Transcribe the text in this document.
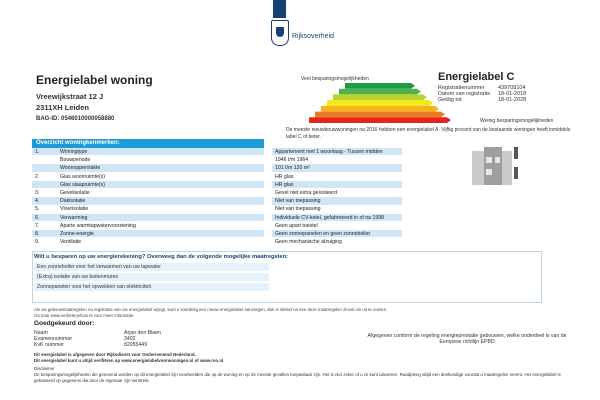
Rijksoverheid
Energielabel woning
Vreewijkstraat 12 J
2311XH Leiden
BAG-ID: 0546010000058880
Veel besparingsmogelijkheden	Energielabel C
Registratienummer 439709104
Datum van registratie 18-01-2018
Geldig tot	18-01-2028
Weinig besparingsmogelijkheden
De meeste nieuwbouwwoningen na 2016 hebben een energielabel A. Vijftig procent van de bestaande woningen heeft inmiddels label C of beter.
Overzicht woningkenmerken:
1.	Woningtype	Appartement met 1 woonlaag - Tussen midden
Bouwperiode	1946 t/m 1964
Woonoppervlakte	101 t/m 120 m²
2.	Glas woonruimte(s)	HR glas
Glas slaapruimte(s)	HR glas
3.	Gevelisolatie	Gevel niet extra geïsoleerd
4.	Dakisolatie	Niet van toepassing
5.	Vloerisolatie	Niet van toepassing
6.	Verwarming	Individuele CV-ketel, gefabriceerd in of na 1998
7.	Aparte warmtapwatervoorziening	Geen apart toestel
8.	Zonne-energie	Geen zonnepanelen en geen zonneboiler
9.	Ventilatie	Geen mechanische afzuiging
Wilt u besparen op uw energierekening? Overweeg dan de volgende mogelijke maatregelen:
Een zonneboiler voor het verwarmen van uw tapwater
(Extra) isolatie van uw buitenmuren
Zonnepanelen voor het opwekken van elektriciteit
Als uw gebouwmaatregelen na registratie van uw energielabel wijzigt, kunt u voordelig een nieuw energielabel aanvragen, dan is stelsel na een deze maatregelen zinvol om uit te voeren.
Ga naar www.verbeterjehuis.nl voor meer informatie.
Goedgekeurd door:
Naam	Arjan den Blaen
Examennummer	3402
KvK nummer	82055449
Afgegeven conform de regeling energieprestatie gebouwen, welke onderdeel is van de Europese richtlijn EPBD
Dit energielabel is afgegeven door Rijksdienst voor Ondernemend Nederland.
Dit energielabel kunt u altijd verifiëren op www.energielabelvoorwoningen.nl of www.rvo.nl
Disclaimer
De besparingsmogelijkheden die genoemd worden op dit energielabel zijn voorbeelden die op de woning en op de meeste gevallen toepasbaar zijn. Het is niet zeker of u ze kunt uitvoeren. Raadpleeg altijd een deskundige voordat u maatregelen neemt. Het energielabel is gebaseerd op gegevens die door de eigenaar zijn verstrekt.
